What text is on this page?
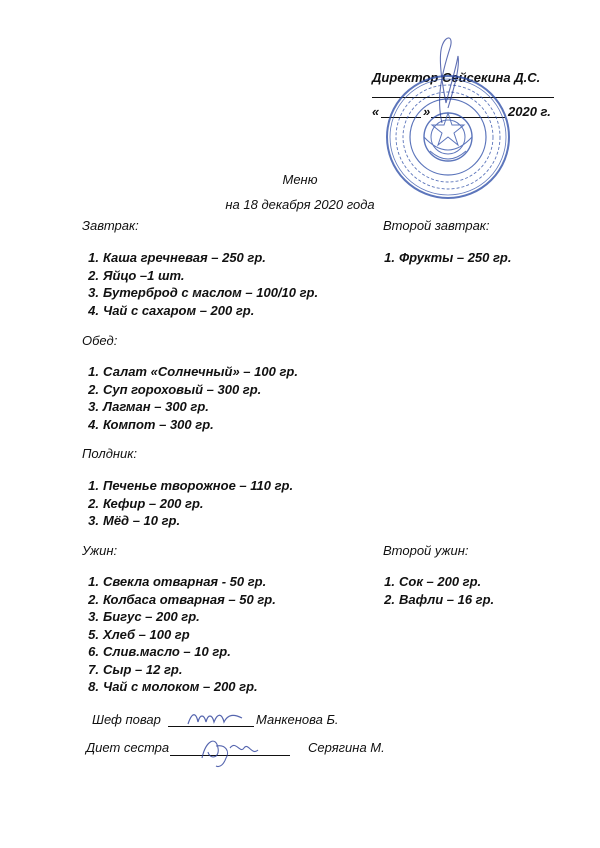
Директор Сейсекина Д.С.
«	»	2020 г.
Меню
на 18 декабря 2020 года
Завтрак:
1. Каша гречневая – 250 гр.
2. Яйцо –1 шт.
3. Бутерброд с маслом – 100/10 гр.
4. Чай с сахаром – 200 гр.
Второй завтрак:
1. Фрукты – 250 гр.
Обед:
1. Салат «Солнечный» – 100 гр.
2. Суп гороховый – 300 гр.
3. Лагман – 300 гр.
4. Компот – 300 гр.
Полдник:
1. Печенье творожное – 110 гр.
2. Кефир – 200 гр.
3. Мёд – 10 гр.
Ужин:
1. Свекла отварная - 50 гр.
2. Колбаса отварная – 50 гр.
3. Бигус – 200 гр.
5. Хлеб – 100 гр
6. Слив.масло – 10 гр.
7. Сыр – 12 гр.
8. Чай с молоком – 200 гр.
Второй ужин:
1. Сок – 200 гр.
2. Вафли – 16 гр.
Шеф повар	Манкенова Б.
Диет сестра	Серягина М.
